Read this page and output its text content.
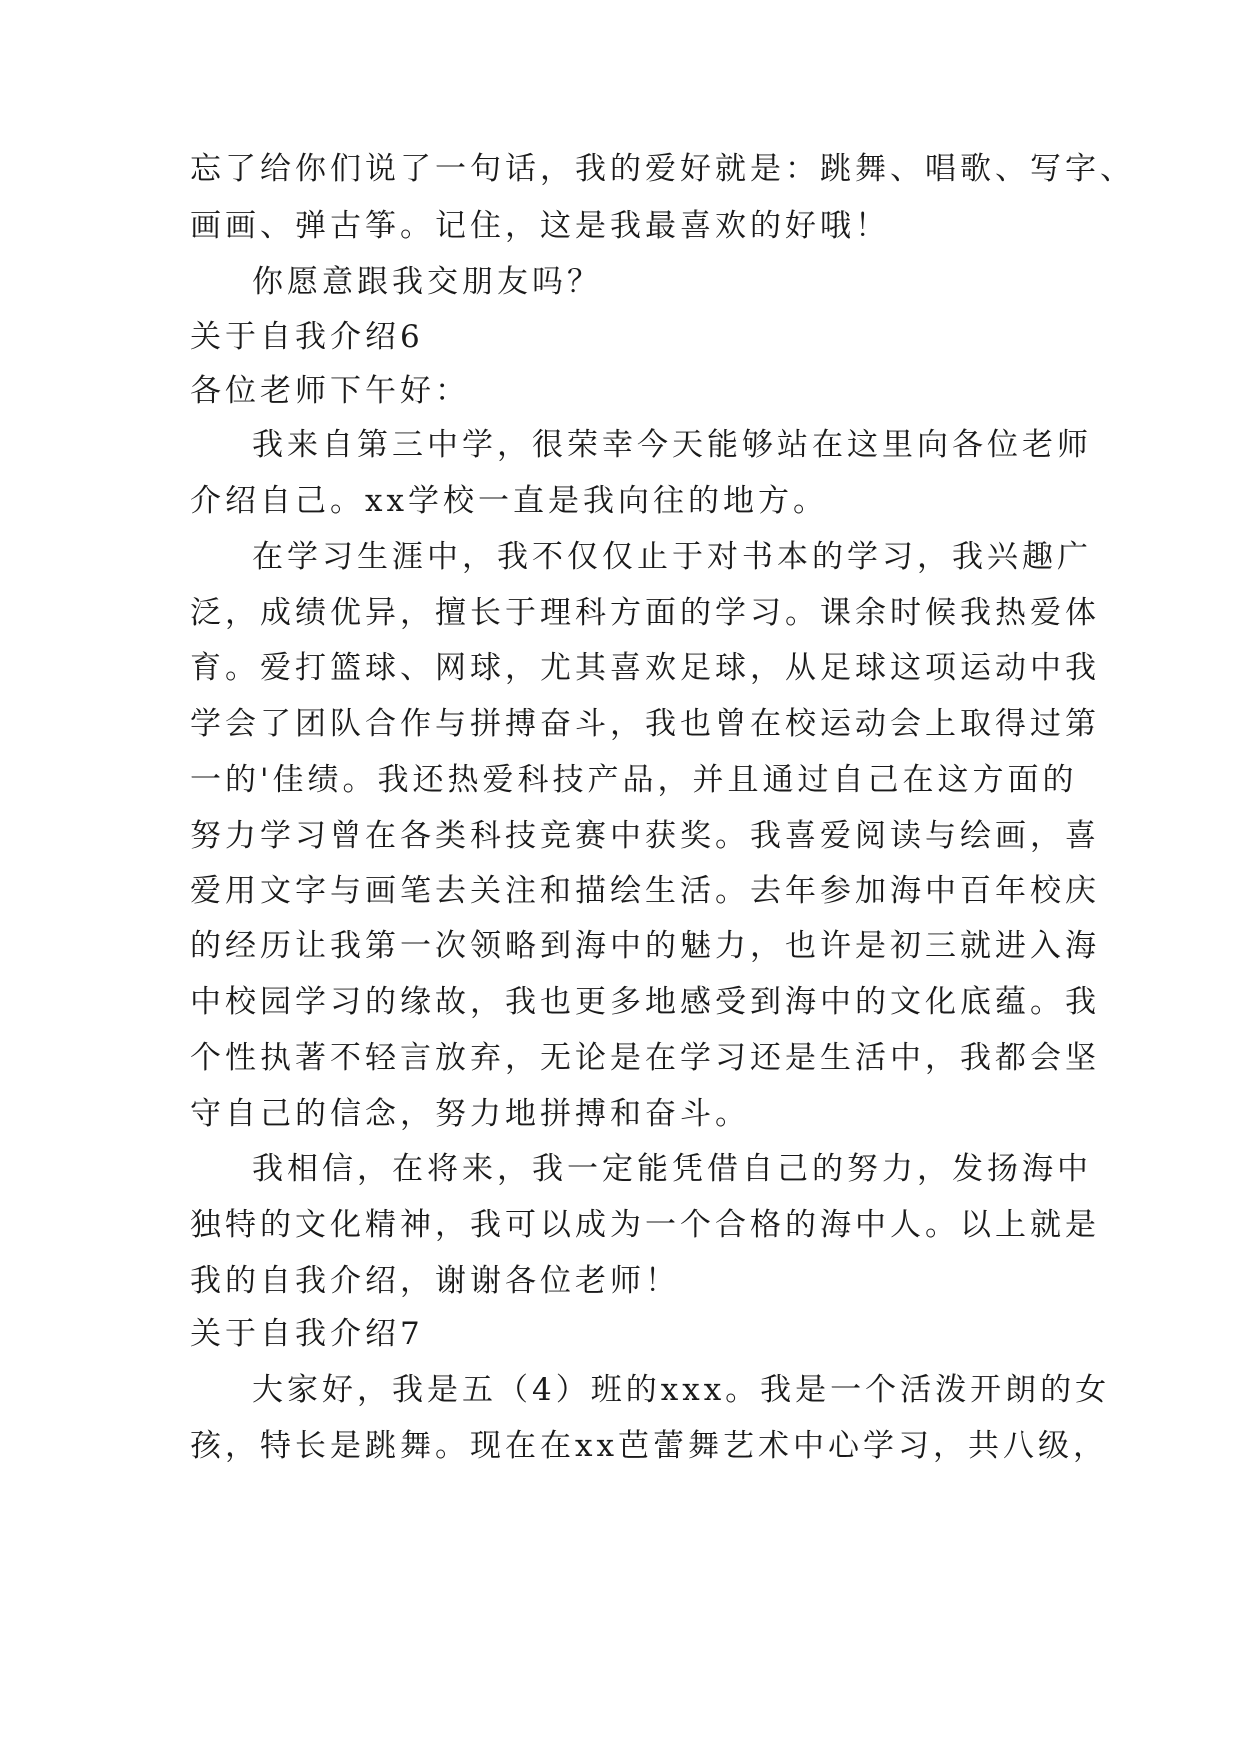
忘了给你们说了一句话，我的爱好就是：跳舞、唱歌、写字、
画画、弹古筝。记住，这是我最喜欢的好哦！
你愿意跟我交朋友吗？
关于自我介绍6
各位老师下午好：
我来自第三中学，很荣幸今天能够站在这里向各位老师
介绍自己。xx学校一直是我向往的地方。
在学习生涯中，我不仅仅止于对书本的学习，我兴趣广
泛，成绩优异，擅长于理科方面的学习。课余时候我热爱体
育。爱打篮球、网球，尤其喜欢足球，从足球这项运动中我
学会了团队合作与拼搏奋斗，我也曾在校运动会上取得过第
一的'佳绩。我还热爱科技产品，并且通过自己在这方面的
努力学习曾在各类科技竞赛中获奖。我喜爱阅读与绘画，喜
爱用文字与画笔去关注和描绘生活。去年参加海中百年校庆
的经历让我第一次领略到海中的魅力，也许是初三就进入海
中校园学习的缘故，我也更多地感受到海中的文化底蕴。我
个性执著不轻言放弃，无论是在学习还是生活中，我都会坚
守自己的信念，努力地拼搏和奋斗。
我相信，在将来，我一定能凭借自己的努力，发扬海中
独特的文化精神，我可以成为一个合格的海中人。以上就是
我的自我介绍，谢谢各位老师！
关于自我介绍7
大家好，我是五（4）班的xxx。我是一个活泼开朗的女
孩，特长是跳舞。现在在xx芭蕾舞艺术中心学习，共八级，
